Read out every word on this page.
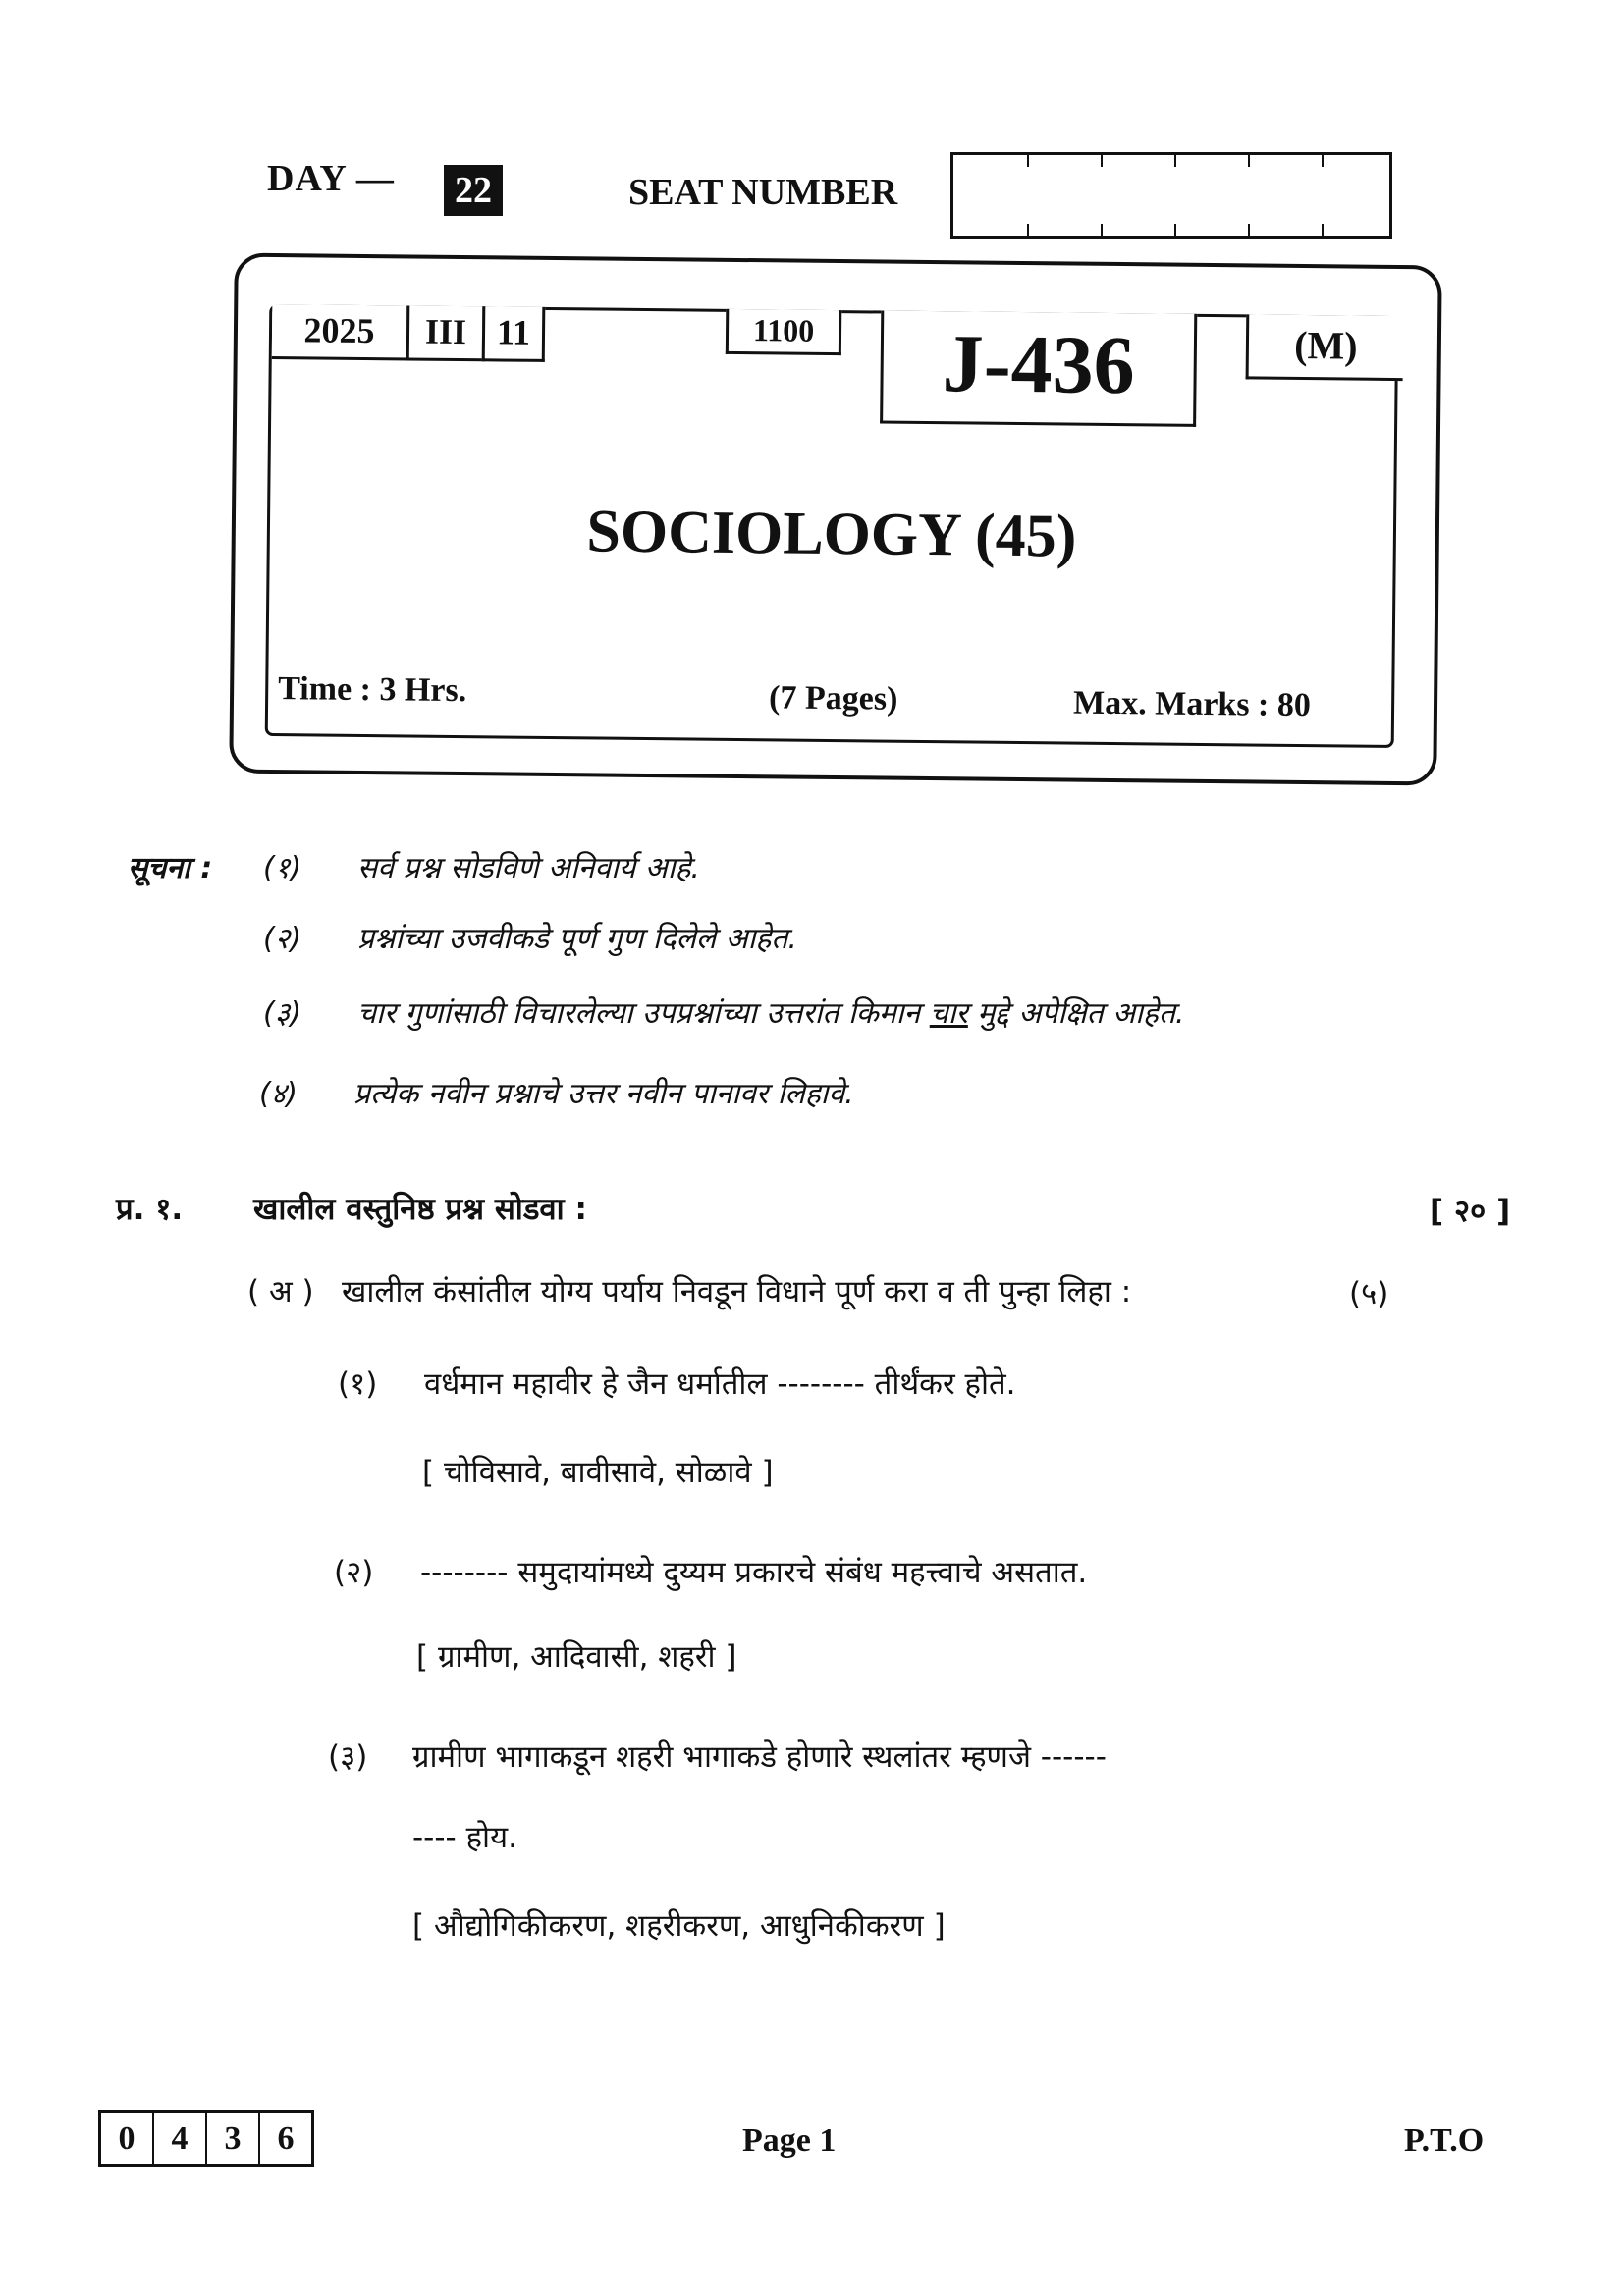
DAY — 22	SEAT NUMBER
2025	III 11	1100	J-436	(M)
SOCIOLOGY (45)
Time : 3 Hrs.	(7 Pages)	Max. Marks : 80
सूचना : (१)	सर्व प्रश्न सोडविणे अनिवार्य आहे.
(२)	प्रश्नांच्या उजवीकडे पूर्ण गुण दिलेले आहेत.
(३)	चार गुणांसाठी विचारलेल्या उपप्रश्नांच्या उत्तरांत किमान चार मुद्दे अपेक्षित आहेत.
(४)	प्रत्येक नवीन प्रश्नाचे उत्तर नवीन पानावर लिहावे.
प्र. १. खालील वस्तुनिष्ठ प्रश्न सोडवा :	[ २० ]
( अ ) खालील कंसांतील योग्य पर्याय निवडून विधाने पूर्ण करा व ती पुन्हा लिहा :	(५)
(१) वर्धमान महावीर हे जैन धर्मातील -------- तीर्थंकर होते.
[ चोविसावे, बावीसावे, सोळावे ]
(२) -------- समुदायांमध्ये दुय्यम प्रकारचे संबंध महत्त्वाचे असतात.
[ ग्रामीण, आदिवासी, शहरी ]
(३) ग्रामीण भागाकडून शहरी भागाकडे होणारे स्थलांतर म्हणजे ------
---- होय.
[ औद्योगिकीकरण, शहरीकरण, आधुनिकीकरण ]
0	4	3	6	Page 1	P.T.O
